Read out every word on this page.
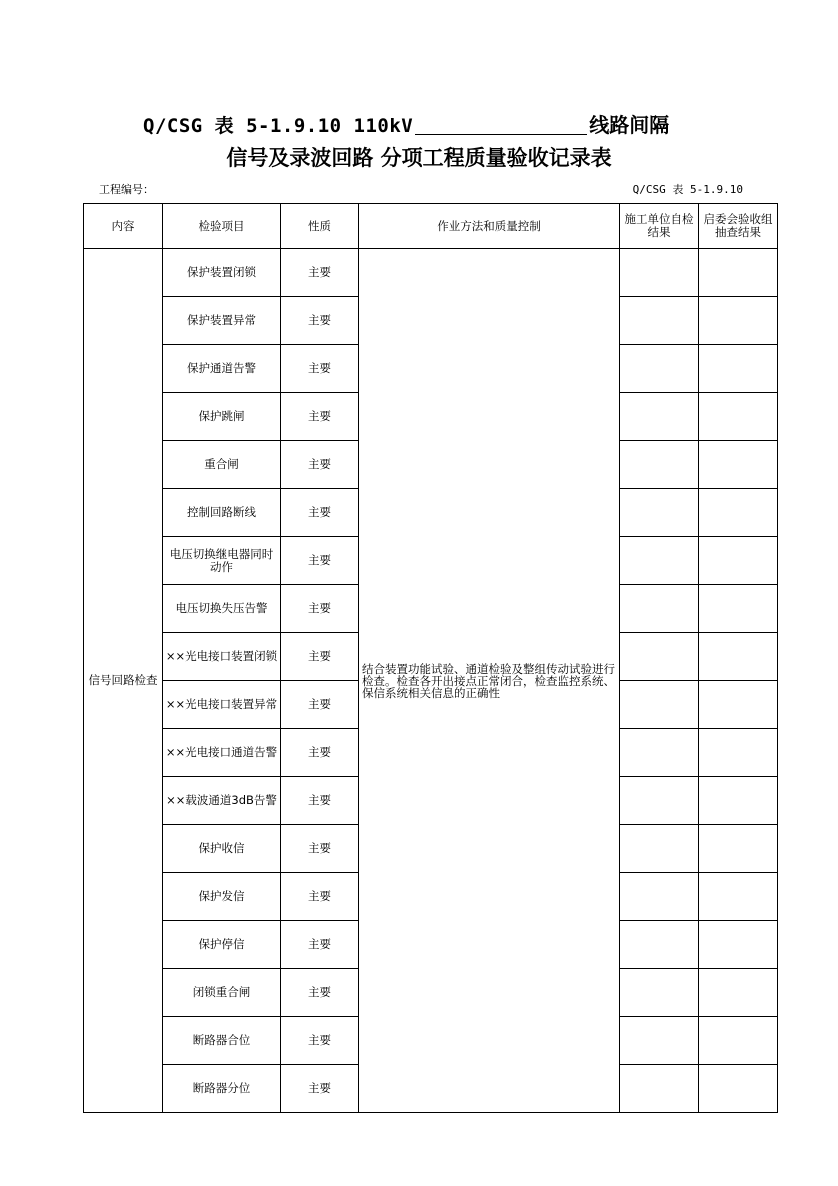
Q/CSG 表 5-1.9.10 110kV	线路间隔
信号及录波回路 分项工程质量验收记录表
工程编号：	Q/CSG 表 5-1.9.10
内容	检验项目	性质	作业方法和质量控制	施工单位自检结果	启委会验收组抽查结果
信号回路检查	保护装置闭锁	主要	结合装置功能试验、通道检验及整组传动试验进行检查。检查各开出接点正常闭合，检查监控系统、保信系统相关信息的正确性		
	保护装置异常	主要			
	保护通道告警	主要			
	保护跳闸	主要			
	重合闸	主要			
	控制回路断线	主要			
	电压切换继电器同时动作	主要			
	电压切换失压告警	主要			
	××光电接口装置闭锁	主要			
	××光电接口装置异常	主要			
	××光电接口通道告警	主要			
	××载波通道3dB告警	主要			
	保护收信	主要			
	保护发信	主要			
	保护停信	主要			
	闭锁重合闸	主要			
	断路器合位	主要			
	断路器分位	主要			
